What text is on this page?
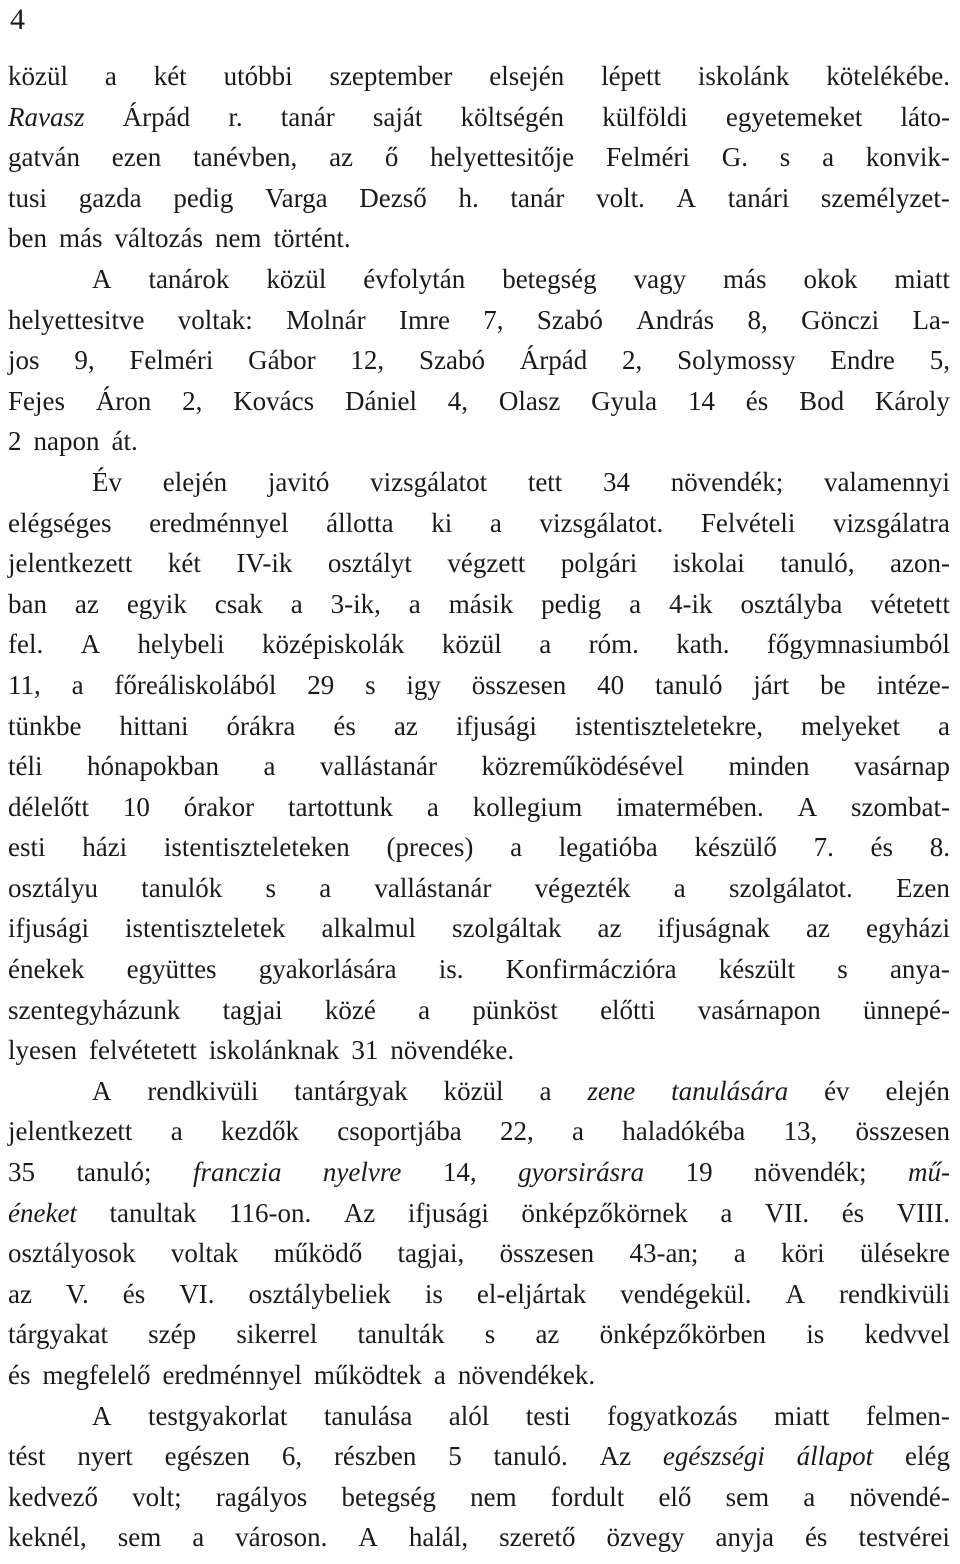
4
közül a két utóbbi szeptember elsején lépett iskolánk kötelékébe.
Ravasz Árpád r. tanár saját költségén külföldi egyetemeket láto-
gatván ezen tanévben, az ő helyettesitője Felméri G. s a konvik-
tusi gazda pedig Varga Dezső h. tanár volt. A tanári személyzet-
ben más változás nem történt.
A tanárok közül évfolytán betegség vagy más okok miatt
helyettesitve voltak: Molnár Imre 7, Szabó András 8, Gönczi La-
jos 9, Felméri Gábor 12, Szabó Árpád 2, Solymossy Endre 5,
Fejes Áron 2, Kovács Dániel 4, Olasz Gyula 14 és Bod Károly
2 napon át.
Év elején javitó vizsgálatot tett 34 növendék; valamennyi
elégséges eredménnyel állotta ki a vizsgálatot. Felvételi vizsgálatra
jelentkezett két IV-ik osztályt végzett polgári iskolai tanuló, azon-
ban az egyik csak a 3-ik, a másik pedig a 4-ik osztályba vétetett
fel. A helybeli középiskolák közül a róm. kath. főgymnasiumból
11, a főreáliskolából 29 s igy összesen 40 tanuló járt be intéze-
tünkbe hittani órákra és az ifjusági istentiszteletekre, melyeket a
téli hónapokban a vallástanár közreműködésével minden vasárnap
délelőtt 10 órakor tartottunk a kollegium imatermében. A szombat-
esti házi istentiszteleteken (preces) a legatióba készülő 7. és 8.
osztályu tanulók s a vallástanár végezték a szolgálatot. Ezen
ifjusági istentiszteletek alkalmul szolgáltak az ifjuságnak az egyházi
énekek együttes gyakorlására is. Konfirmáczióra készült s anya-
szentegyházunk tagjai közé a pünköst előtti vasárnapon ünnepé-
lyesen felvétetett iskolánknak 31 növendéke.
A rendkivüli tantárgyak közül a zene tanulására év elején
jelentkezett a kezdők csoportjába 22, a haladókéba 13, összesen
35 tanuló; franczia nyelvre 14, gyorsirásra 19 növendék; mű-
éneket tanultak 116-on. Az ifjusági önképzőkörnek a VII. és VIII.
osztályosok voltak működő tagjai, összesen 43-an; a köri ülésekre
az V. és VI. osztálybeliek is el-eljártak vendégekül. A rendkivüli
tárgyakat szép sikerrel tanulták s az önképzőkörben is kedvvel
és megfelelő eredménnyel működtek a növendékek.
A testgyakorlat tanulása alól testi fogyatkozás miatt felmen-
tést nyert egészen 6, részben 5 tanuló. Az egészségi állapot elég
kedvező volt; ragályos betegség nem fordult elő sem a növendé-
keknél, sem a városon. A halál, szerető özvegy anyja és testvérei
